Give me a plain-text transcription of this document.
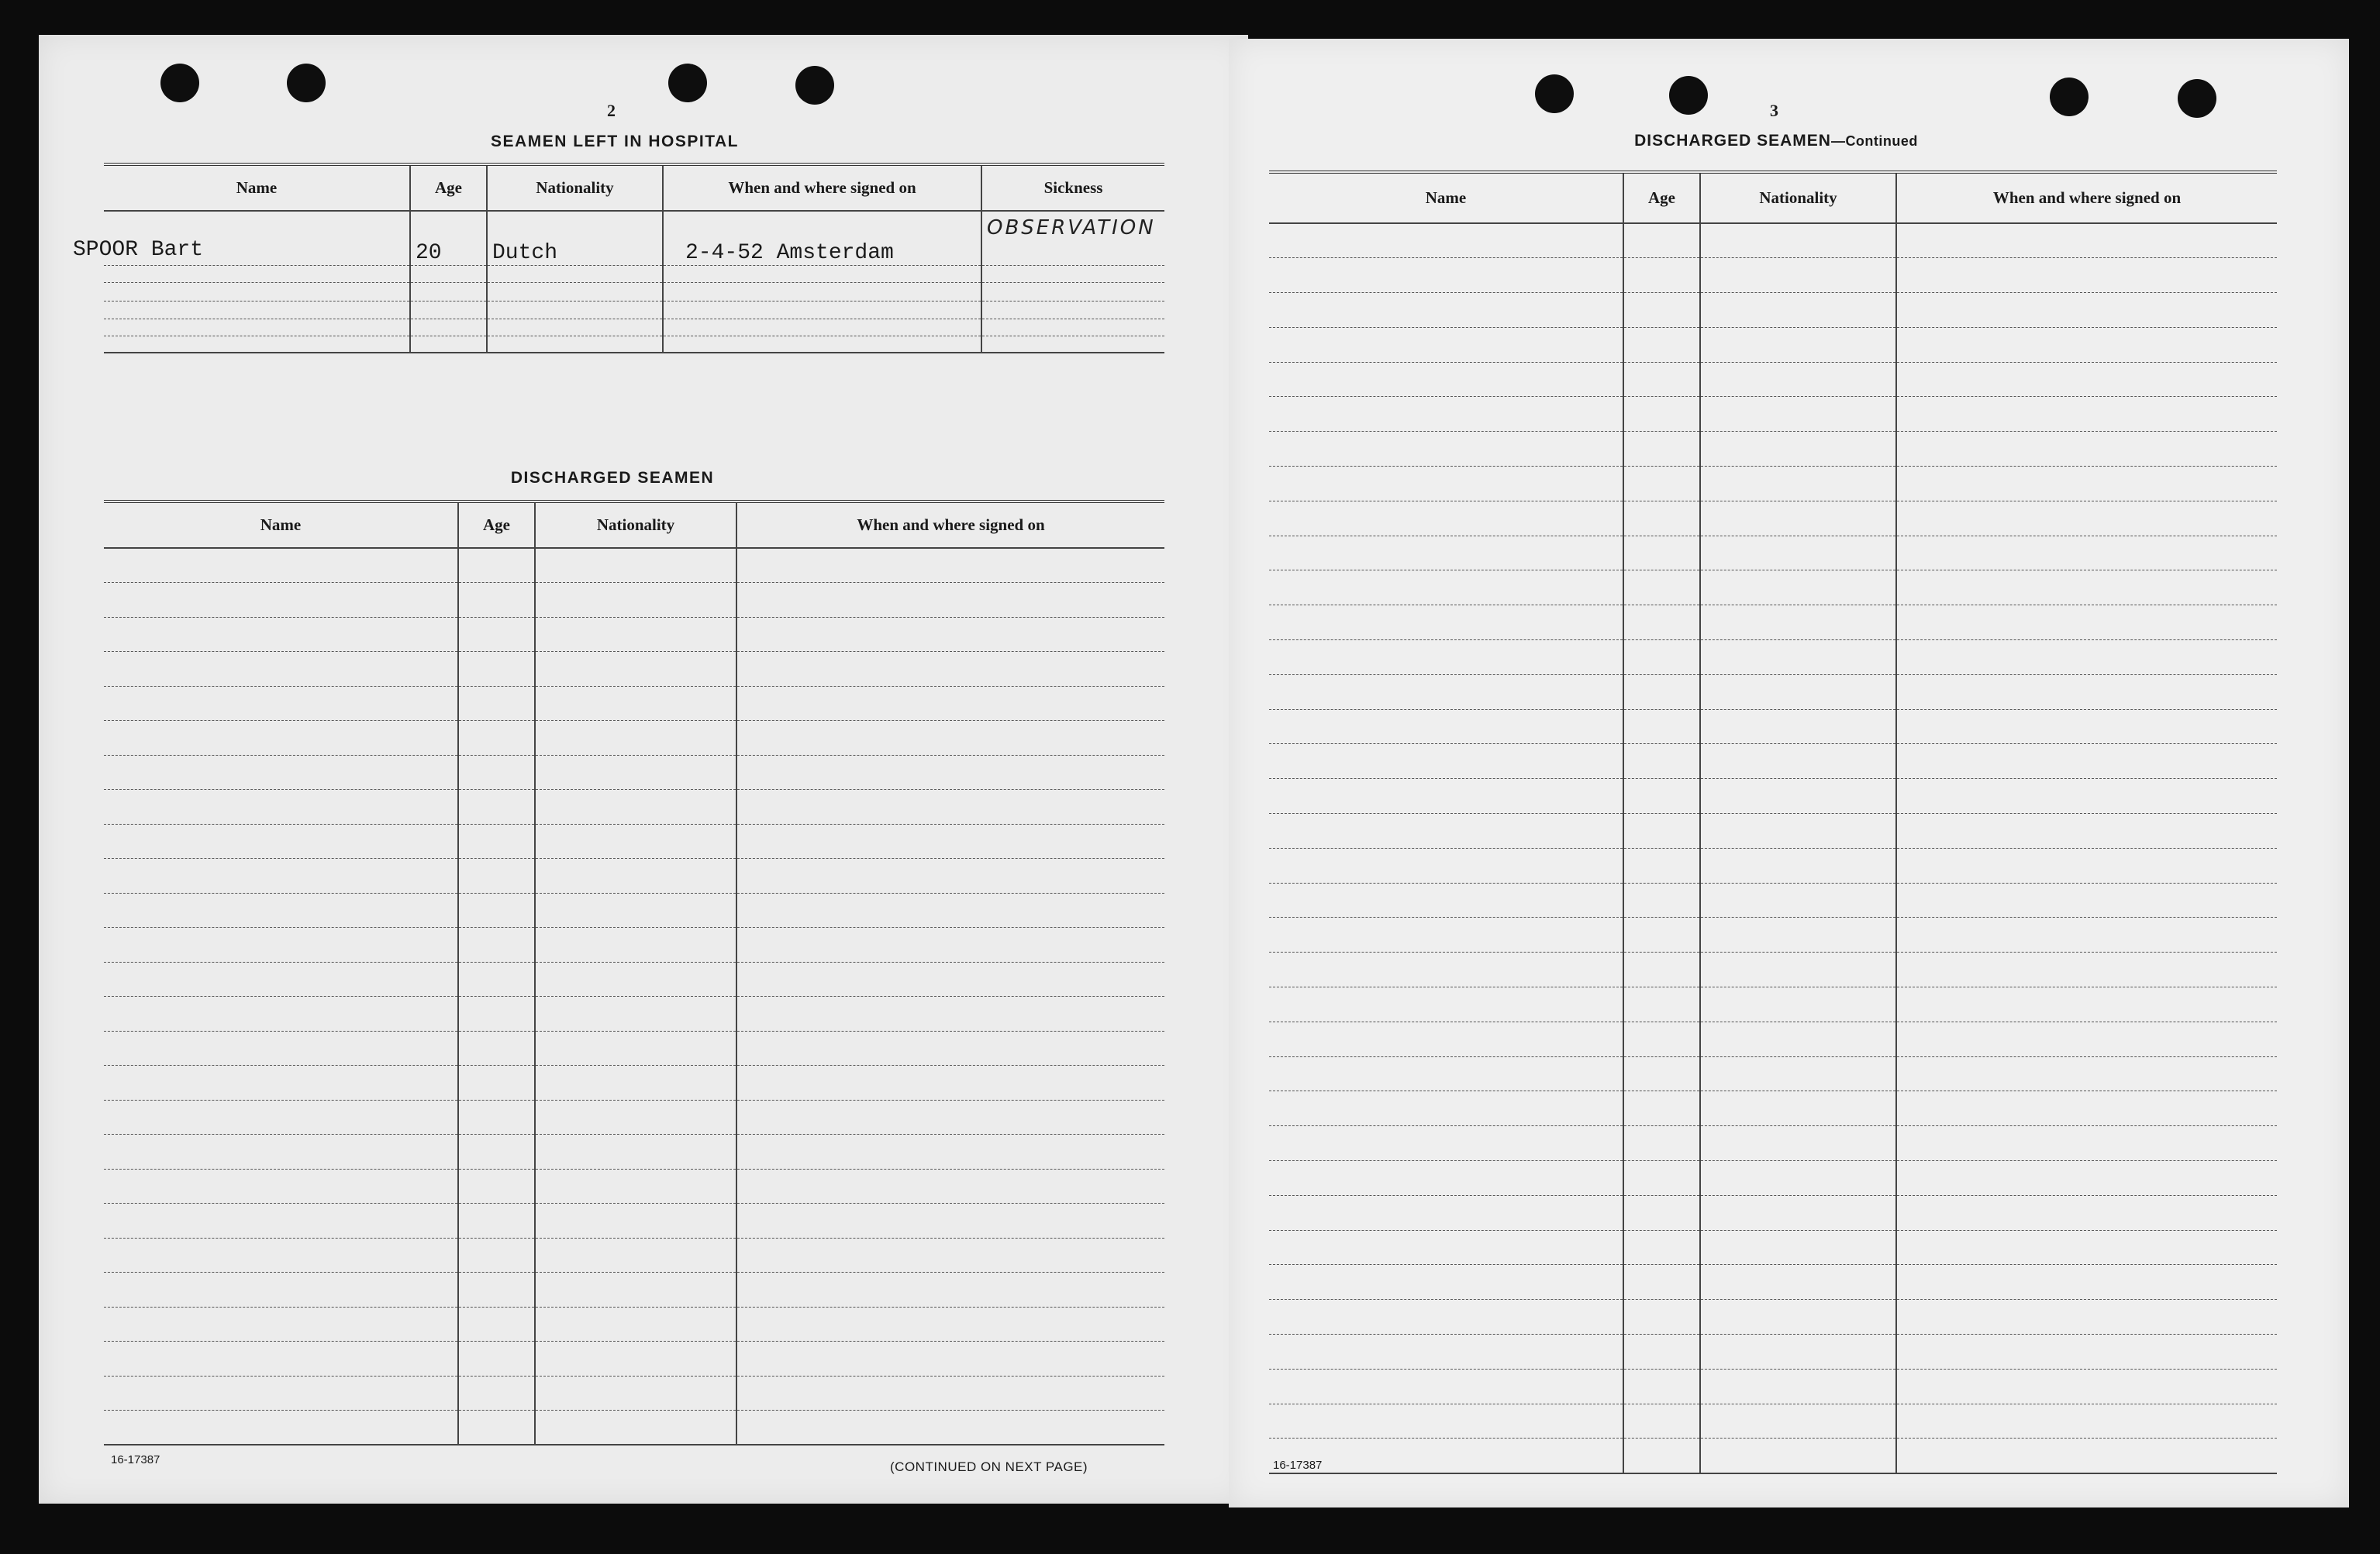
2
SEAMEN LEFT IN HOSPITAL
Name	Age	Nationality	When and where signed on	Sickness

SPOOR Bart	20	Dutch	2-4-52 Amsterdam	OBSERVATION

DISCHARGED SEAMEN
Name	Age	Nationality	When and where signed on

16-17387	(CONTINUED ON NEXT PAGE)
3
DISCHARGED SEAMEN—Continued
Name	Age	Nationality	When and where signed on

16-17387
